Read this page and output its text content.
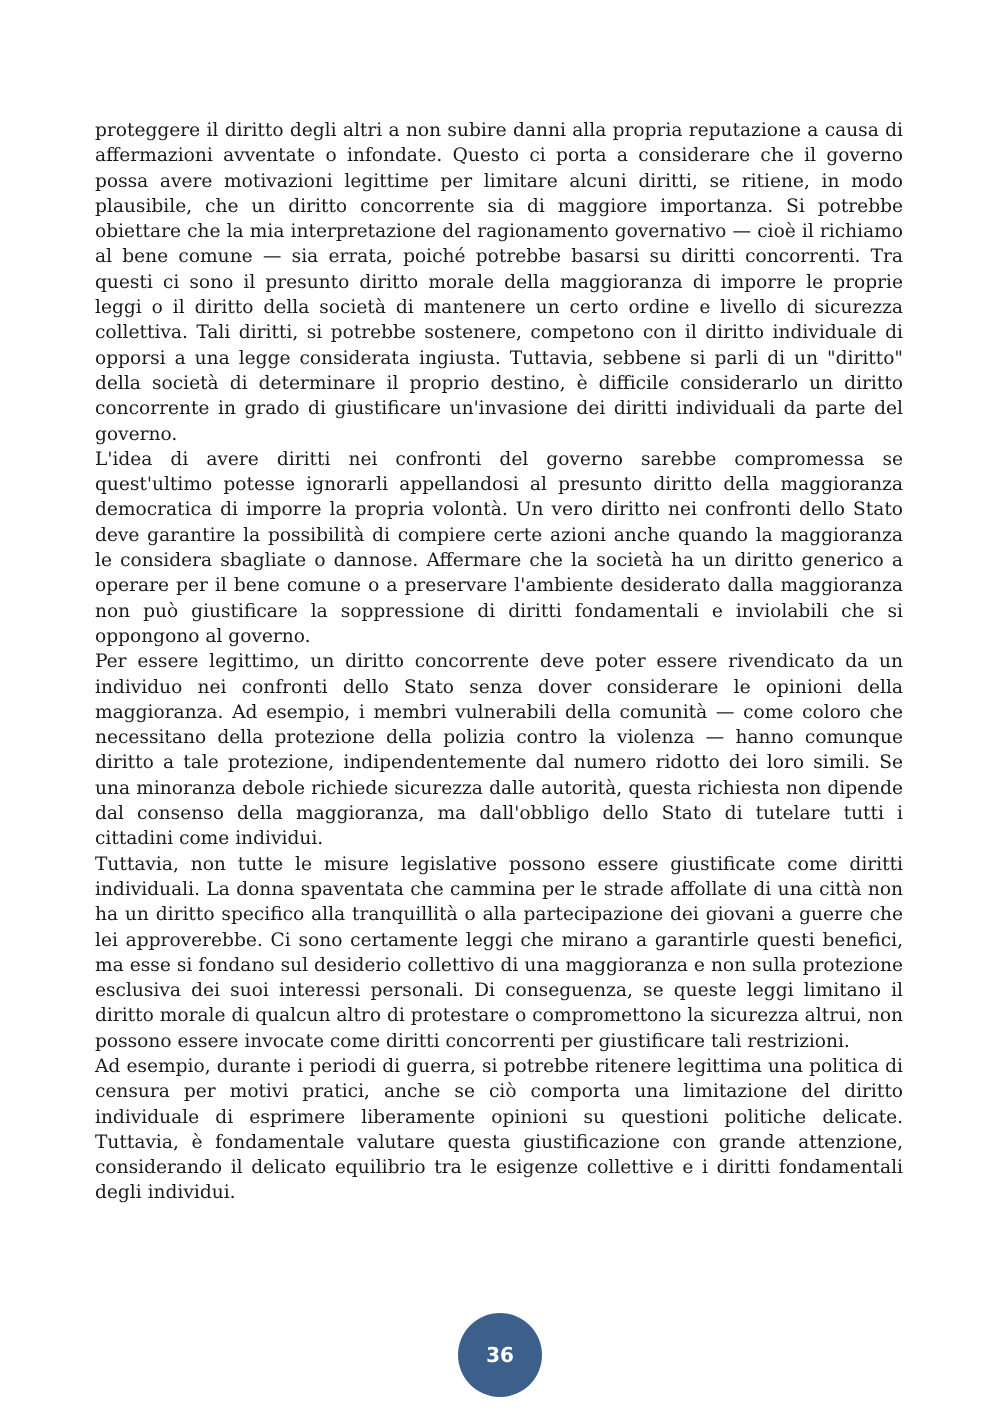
proteggere il diritto degli altri a non subire danni alla propria reputazione a causa di affermazioni avventate o infondate. Questo ci porta a considerare che il governo possa avere motivazioni legittime per limitare alcuni diritti, se ritiene, in modo plausibile, che un diritto concorrente sia di maggiore importanza. Si potrebbe obiettare che la mia interpretazione del ragionamento governativo — cioè il richiamo al bene comune — sia errata, poiché potrebbe basarsi su diritti concorrenti. Tra questi ci sono il presunto diritto morale della maggioranza di imporre le proprie leggi o il diritto della società di mantenere un certo ordine e livello di sicurezza collettiva. Tali diritti, si potrebbe sostenere, competono con il diritto individuale di opporsi a una legge considerata ingiusta. Tuttavia, sebbene si parli di un "diritto" della società di determinare il proprio destino, è difficile considerarlo un diritto concorrente in grado di giustificare un'invasione dei diritti individuali da parte del governo.

L'idea di avere diritti nei confronti del governo sarebbe compromessa se quest'ultimo potesse ignorarli appellandosi al presunto diritto della maggioranza democratica di imporre la propria volontà. Un vero diritto nei confronti dello Stato deve garantire la possibilità di compiere certe azioni anche quando la maggioranza le considera sbagliate o dannose. Affermare che la società ha un diritto generico a operare per il bene comune o a preservare l'ambiente desiderato dalla maggioranza non può giustificare la soppressione di diritti fondamentali e inviolabili che si oppongono al governo.

Per essere legittimo, un diritto concorrente deve poter essere rivendicato da un individuo nei confronti dello Stato senza dover considerare le opinioni della maggioranza. Ad esempio, i membri vulnerabili della comunità — come coloro che necessitano della protezione della polizia contro la violenza — hanno comunque diritto a tale protezione, indipendentemente dal numero ridotto dei loro simili. Se una minoranza debole richiede sicurezza dalle autorità, questa richiesta non dipende dal consenso della maggioranza, ma dall'obbligo dello Stato di tutelare tutti i cittadini come individui.

Tuttavia, non tutte le misure legislative possono essere giustificate come diritti individuali. La donna spaventata che cammina per le strade affollate di una città non ha un diritto specifico alla tranquillità o alla partecipazione dei giovani a guerre che lei approverebbe. Ci sono certamente leggi che mirano a garantirle questi benefici, ma esse si fondano sul desiderio collettivo di una maggioranza e non sulla protezione esclusiva dei suoi interessi personali. Di conseguenza, se queste leggi limitano il diritto morale di qualcun altro di protestare o compromettono la sicurezza altrui, non possono essere invocate come diritti concorrenti per giustificare tali restrizioni.

Ad esempio, durante i periodi di guerra, si potrebbe ritenere legittima una politica di censura per motivi pratici, anche se ciò comporta una limitazione del diritto individuale di esprimere liberamente opinioni su questioni politiche delicate. Tuttavia, è fondamentale valutare questa giustificazione con grande attenzione, considerando il delicato equilibrio tra le esigenze collettive e i diritti fondamentali degli individui.

36
